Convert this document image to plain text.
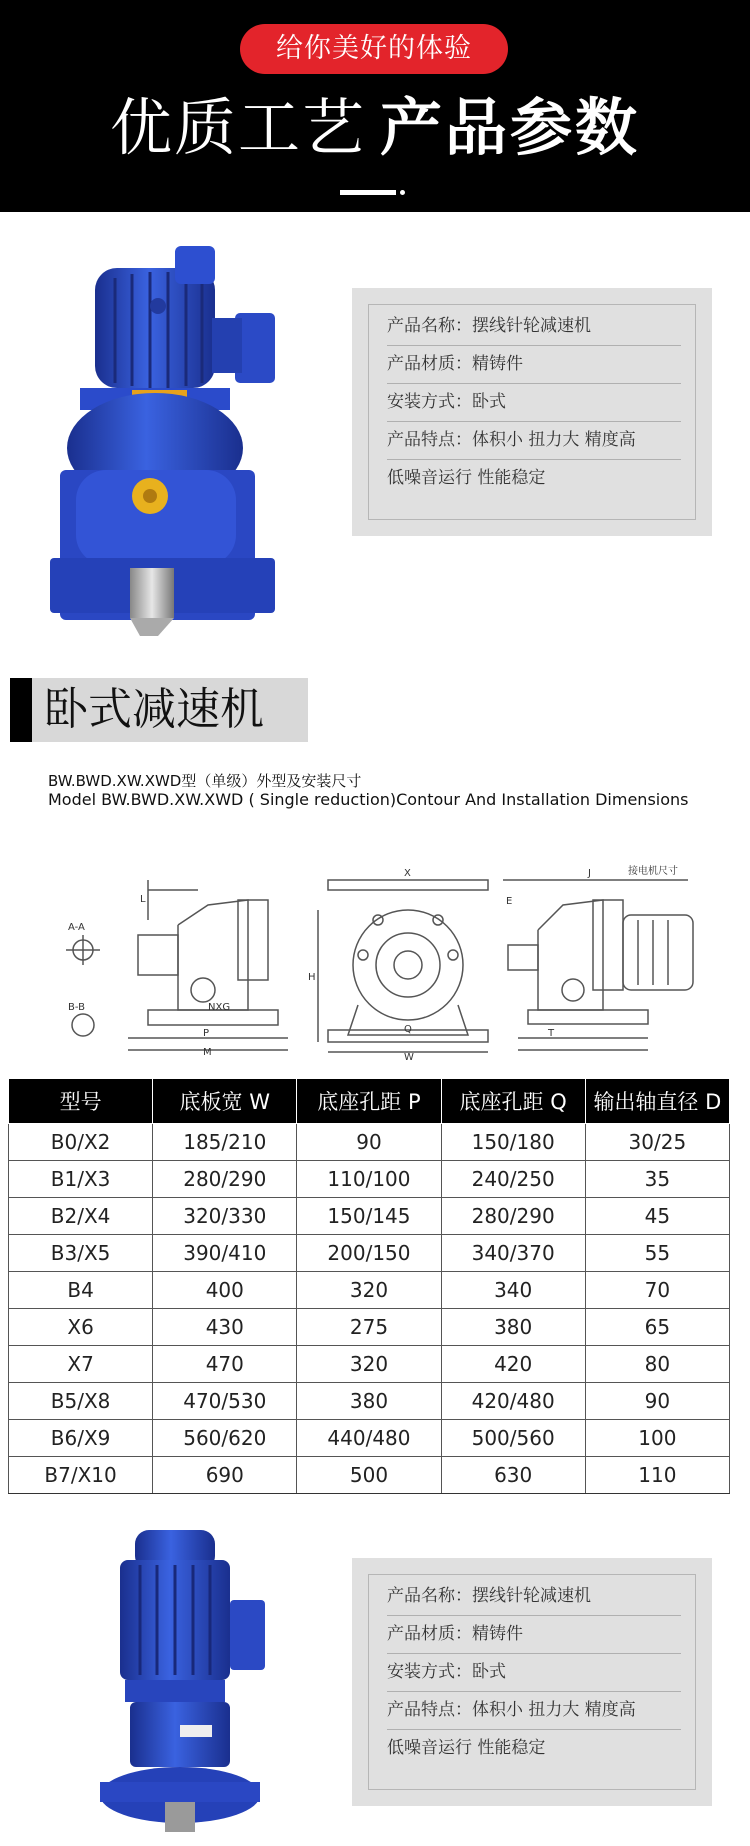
给你美好的体验
优质工艺 产品参数
产品名称：摆线针轮减速机
产品材质：精铸件
安装方式：卧式
产品特点：体积小 扭力大 精度高
低噪音运行 性能稳定
卧式减速机
BW.BWD.XW.XWD型（单级）外型及安装尺寸
Model BW.BWD.XW.XWD ( Single reduction)Contour And Installation Dimensions
A-A
B-B
M
P
L
NXG
X
H
Q
W
J	接电机尺寸
E
T
型号	底板宽 W	底座孔距 P	底座孔距 Q	输出轴直径 D
B0/X2	185/210	90	150/180	30/25
B1/X3	280/290	110/100	240/250	35
B2/X4	320/330	150/145	280/290	45
B3/X5	390/410	200/150	340/370	55
B4	400	320	340	70
X6	430	275	380	65
X7	470	320	420	80
B5/X8	470/530	380	420/480	90
B6/X9	560/620	440/480	500/560	100
B7/X10	690	500	630	110
产品名称：摆线针轮减速机
产品材质：精铸件
安装方式：卧式
产品特点：体积小 扭力大 精度高
低噪音运行 性能稳定
